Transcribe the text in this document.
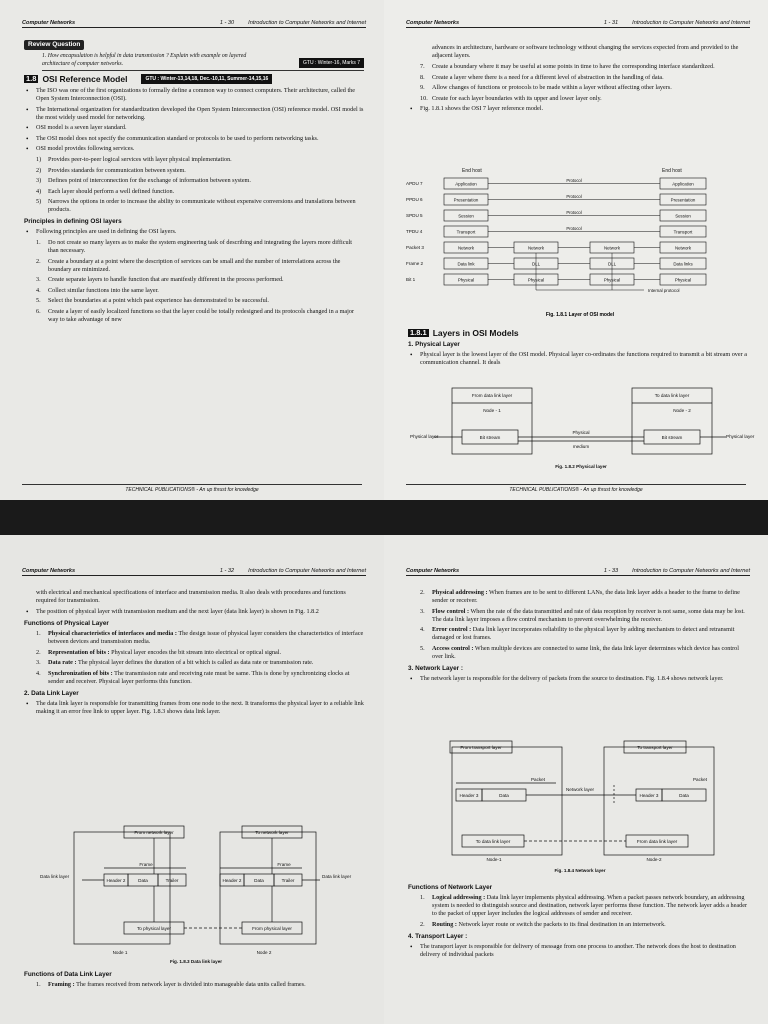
Computer Networks	1 - 30	Introduction to Computer Networks and Internet
Review Question
1. How encapsulation is helpful in data transmission ? Explain with example on layered architecture of computer networks.	GTU : Winter-16, Marks 7
1.8 OSI Reference Model	GTU : Winter-13,14,18, Dec.-10,11, Summer-14,15,16
• The ISO was one of the first organizations to formally define a common way to connect computers. Their architecture, called the Open System Interconnection (OSI).
• The International organization for standardization developed the Open System Interconnection (OSI) reference model. OSI model is the most widely used model for networking.
• OSI model is a seven layer standard.
• The OSI model does not specify the communication standard or protocols to be used to perform networking tasks.
• OSI model provides following services.
1) Provides peer-to-peer logical services with layer physical implementation.
2) Provides standards for communication between system.
3) Defines point of interconnection for the exchange of information between system.
4) Each layer should perform a well defined function.
5) Narrows the options in order to increase the ability to communicate without expensive conversions and translations between products.
Principles in defining OSI layers
• Following principles are used in defining the OSI layers.
1. Do not create so many layers as to make the system engineering task of describing and integrating the layers more difficult than necessary.
2. Create a boundary at a point where the description of services can be small and the number of interrelations across the boundary are minimized.
3. Create separate layers to handle function that are manifestly different in the process performed.
4. Collect similar functions into the same layer.
5. Select the boundaries at a point which past experience has demonstrated to be successful.
6. Create a layer of easily localized functions so that the layer could be totally redesigned and its protocols changed in a major way to take advantage of new
TECHNICAL PUBLICATIONS® - An up thrust for knowledge
Computer Networks	1 - 31	Introduction to Computer Networks and Internet
advances in architecture, hardware or software technology without changing the services expected from and provided to the adjacent layers.
7. Create a boundary where it may be useful at some points in time to have the corresponding interface standardized.
8. Create a layer where there is a need for a different level of abstraction in the handling of data.
9. Allow changes of functions or protocols to be made within a layer without affecting other layers.
10. Create for each layer boundaries with its upper and lower layer only.
• Fig. 1.8.1 shows the OSI 7 layer reference model.
End host	End host
APDU 7	Application	Application
Protocol
PPDU 6	Presentation	Presentation
Protocol
SPDU 5	Session	Session
Protocol
TPDU 4	Transport	Transport
Protocol
Packet 3	Network	Network
Network	Network
Frame 2	Data link	Data links
DLL	DLL
Bit 1	Physical	Physical
Physical	Physical
Internal protocol
Fig. 1.8.1 Layer of OSI model
1.8.1 Layers in OSI Models
1. Physical Layer
• Physical layer is the lowest layer of the OSI model. Physical layer co-ordinates the functions required to transmit a bit stream over a communication channel. It deals
From data link layer	To data link layer
Node - 1	Node - 2
Bit stream	Bit stream
Physical
medium
Physical layer	Physical layer
Fig. 1.8.2 Physical layer
TECHNICAL PUBLICATIONS® - An up thrust for knowledge
Computer Networks	1 - 32	Introduction to Computer Networks and Internet
with electrical and mechanical specifications of interface and transmission media. It also deals with procedures and functions required for transmission.
• The position of physical layer with transmission medium and the next layer (data link layer) is shown in Fig. 1.8.2
Functions of Physical Layer
1. Physical characteristics of interfaces and media : The design issue of physical layer considers the characteristics of interface between devices and transmission media.
2. Representation of bits : Physical layer encodes the bit stream into electrical or optical signal.
3. Data rate : The physical layer defines the duration of a bit which is called as data rate or transmission rate.
4. Synchronization of bits : The transmission rate and receiving rate must be same. This is done by synchronizing clocks at sender and receiver. Physical layer performs this function.
2. Data Link Layer
• The data link layer is responsible for transmitting frames from one node to the next. It transforms the physical layer to a reliable link making it an error free link to upper layer. Fig. 1.8.3 shows data link layer.
From network layer	To network layer
Frame	Frame
Header 2	Data	Trailer	Header 2	Data	Trailer
Data link layer	Data link layer
To physical layer	From physical layer
Node 1	Node 2
Fig. 1.8.3 Data link layer
Functions of Data Link Layer
1. Framing : The frames received from network layer is divided into manageable data units called frames.
Computer Networks	1 - 33	Introduction to Computer Networks and Internet
2. Physical addressing : When frames are to be sent to different LANs, the data link layer adds a header to the frame to define sender or receiver.
3. Flow control : When the rate of the data transmitted and rate of data reception by receiver is not same, some data may be lost. The data link layer imposes a flow control mechanism to prevent overwhelming the receiver.
4. Error control : Data link layer incorporates reliability to the physical layer by adding mechanism to detect and retransmit damaged or lost frames.
5. Access control : When multiple devices are connected to same link, the data link layer determines which device has control over link.
3. Network Layer :
• The network layer is responsible for the delivery of packets from the source to destination. Fig. 1.8.4 shows network layer.
From transport layer	To transport layer
Packet	Packet
Header 3	Data	Header 3	Data
Network layer
To data link layer	From data link layer
Node-1	Node-2
Fig. 1.8.4 Network layer
Functions of Network Layer
1. Logical addressing : Data link layer implements physical addressing. When a packet passes network boundary, an addressing system is needed to distinguish source and destination, network layer performs these function. The network layer adds a header to the packet of upper layer includes the logical addresses of sender and receiver.
2. Routing : Network layer route or switch the packets to its final destination in an internetwork.
4. Transport Layer :
• The transport layer is responsible for delivery of message from one process to another. The network does the host to destination delivery of individual packets
